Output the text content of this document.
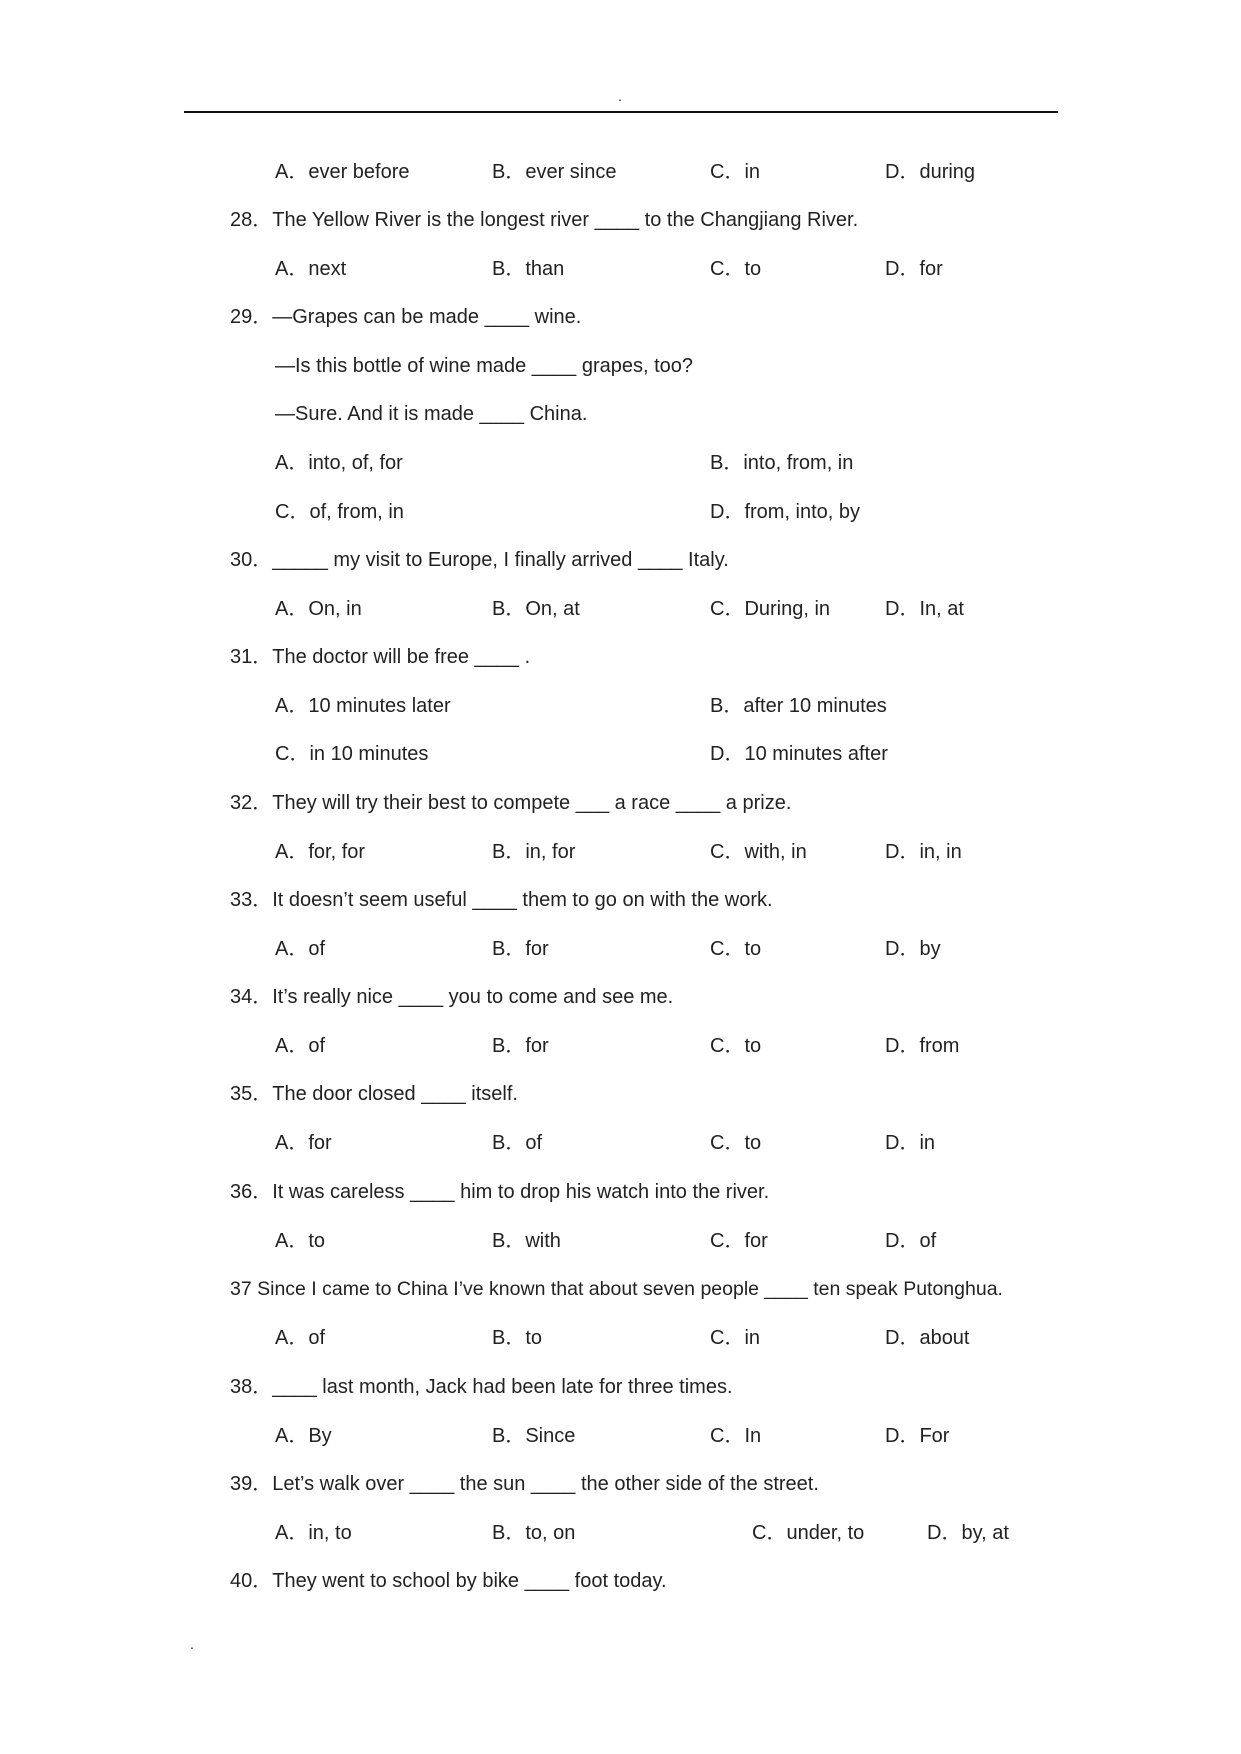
.
A．ever before	B．ever since	C．in	D．during
28．The Yellow River is the longest river ____ to the Changjiang River.
A．next	B．than	C．to	D．for
29．—Grapes can be made ____ wine.
—Is this bottle of wine made ____ grapes, too?
—Sure. And it is made ____ China.
A．into, of, for	B．into, from, in
C．of, from, in	D．from, into, by
30．_____ my visit to Europe, I finally arrived ____ Italy.
A．On, in	B．On, at	C．During, in	D．In, at
31．The doctor will be free ____ .
A．10 minutes later	B．after 10 minutes
C．in 10 minutes	D．10 minutes after
32．They will try their best to compete ___ a race ____ a prize.
A．for, for	B．in, for	C．with, in	D．in, in
33．It doesn’t seem useful ____ them to go on with the work.
A．of	B．for	C．to	D．by
34．It’s really nice ____ you to come and see me.
A．of	B．for	C．to	D．from
35．The door closed ____ itself.
A．for	B．of	C．to	D．in
36．It was careless ____ him to drop his watch into the river.
A．to	B．with	C．for	D．of
37 Since I came to China I’ve known that about seven people ____ ten speak Putonghua.
A．of	B．to	C．in	D．about
38．____ last month, Jack had been late for three times.
A．By	B．Since	C．In	D．For
39．Let’s walk over ____ the sun ____ the other side of the street.
A．in, to	B．to, on	C．under, to	D．by, at
40．They went to school by bike ____ foot today.
.
